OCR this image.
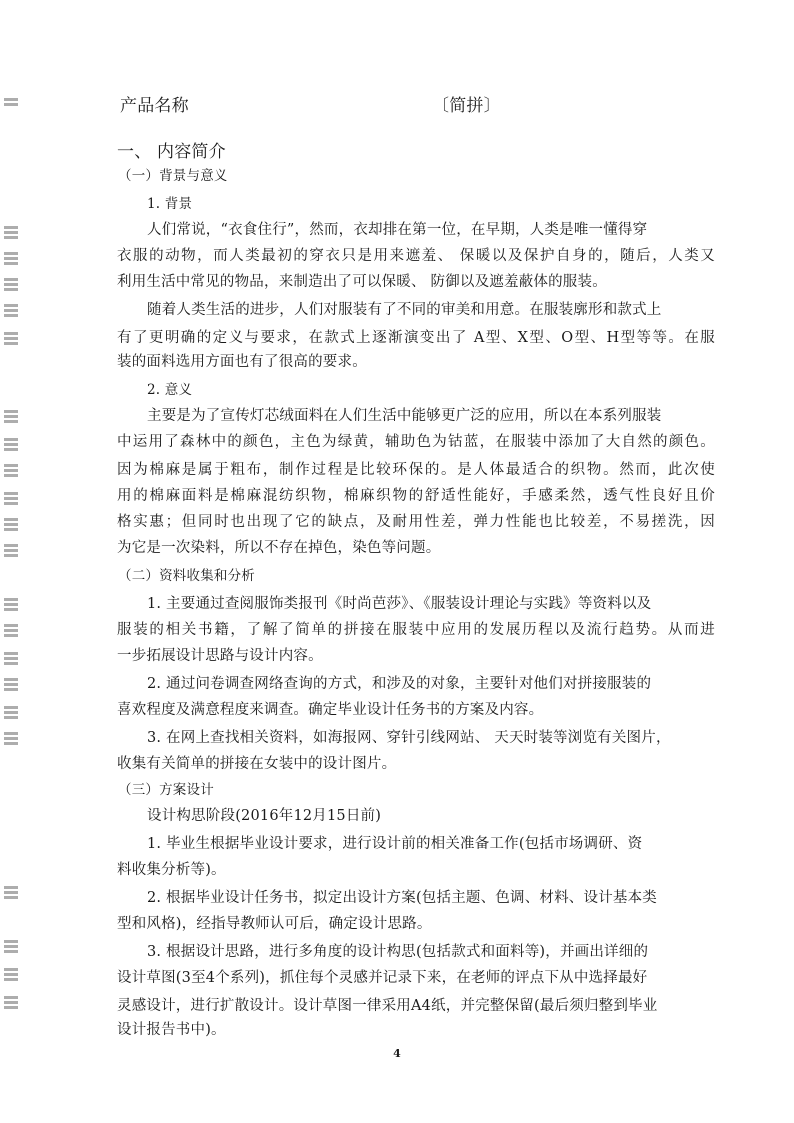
产品名称	〔简拼〕
一、 内容简介
（一）背景与意义
1. 背景
人们常说，“衣食住行”，然而，衣却排在第一位，在早期，人类是唯一懂得穿
衣服的动物，而人类最初的穿衣只是用来遮羞、 保暖以及保护自身的，随后，人类又
利用生活中常见的物品，来制造出了可以保暖、 防御以及遮羞蔽体的服装。
随着人类生活的进步，人们对服装有了不同的审美和用意。在服装廓形和款式上
有了更明确的定义与要求，在款式上逐渐演变出了 A型、X型、O型、H型等等。在服
装的面料选用方面也有了很高的要求。
2. 意义
主要是为了宣传灯芯绒面料在人们生活中能够更广泛的应用，所以在本系列服装
中运用了森林中的颜色，主色为绿黄，辅助色为钴蓝，在服装中添加了大自然的颜色。
因为棉麻是属于粗布，制作过程是比较环保的。是人体最适合的织物。然而，此次使
用的棉麻面料是棉麻混纺织物，棉麻织物的舒适性能好，手感柔然，透气性良好且价
格实惠；但同时也出现了它的缺点，及耐用性差，弹力性能也比较差，不易搓洗，因
为它是一次染料，所以不存在掉色，染色等问题。
（二）资料收集和分析
1. 主要通过查阅服饰类报刊《时尚芭莎》、《服装设计理论与实践》等资料以及
服装的相关书籍，了解了简单的拼接在服装中应用的发展历程以及流行趋势。从而进
一步拓展设计思路与设计内容。
2. 通过问卷调查网络查询的方式，和涉及的对象，主要针对他们对拼接服装的
喜欢程度及满意程度来调查。确定毕业设计任务书的方案及内容。
3. 在网上查找相关资料，如海报网、穿针引线网站、 天天时装等浏览有关图片，
收集有关简单的拼接在女装中的设计图片。
（三）方案设计
设计构思阶段(2016年12月15日前)
1. 毕业生根据毕业设计要求，进行设计前的相关准备工作(包括市场调研、资
料收集分析等)。
2. 根据毕业设计任务书，拟定出设计方案(包括主题、色调、材料、设计基本类
型和风格)，经指导教师认可后，确定设计思路。
3. 根据设计思路，进行多角度的设计构思(包括款式和面料等)，并画出详细的
设计草图(3至4个系列)，抓住每个灵感并记录下来，在老师的评点下从中选择最好
灵感设计，进行扩散设计。设计草图一律采用A4纸，并完整保留(最后须归整到毕业
设计报告书中)。
4
